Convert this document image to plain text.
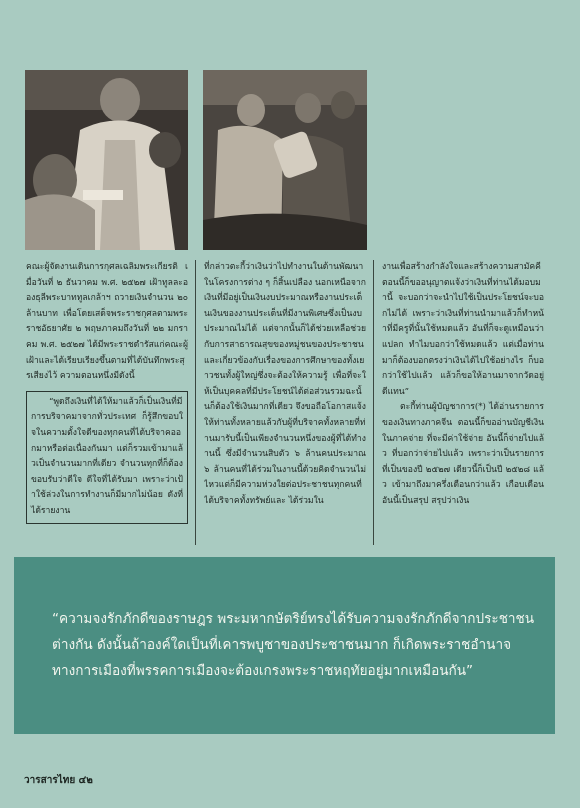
คณะผู้จัดงานเดินการกุศลเฉลิมพระเกียรติ เมื่อวันที่ ๒ ธันวาคม พ.ศ. ๒๕๒๗ เฝ้าทูลละอองธุลีพระบาททูลเกล้าฯ ถวายเงินจำนวน ๒๐ ล้านบาท เพื่อโดยเสด็จพระราชกุศลตามพระราชอัธยาศัย ๒ พฤษภาคมถึงวันที่ ๒๒ มกราคม พ.ศ. ๒๕๒๗ ได้มีพระราชดำรัสแก่คณะผู้เฝ้าและได้เรียบเรียงขึ้นตามที่ได้บันทึกพระสุรเสียงไว้ ความตอนหนึ่งมีดังนี้

“พูดถึงเงินที่ได้ให้มาแล้วก็เป็นเงินที่มีการบริจาคมาจากทั่วประเทศ ก็รู้สึกขอบใจในความตั้งใจดีของทุกคนที่ได้บริจาคออกมาหรือต่อเนื่องกันมา แต่ก็รวมเข้ามาแล้วเป็นจำนวนมากที่เดียว จำนวนทุกที่ก็ต้องขอบรับว่าดีใจ ดีใจที่ได้รับมา เพราะว่าเป้าใช้ล่วงในการทำงานก็มีมากไม่น้อย ดังที่ได้รายงาน

ที่กล่าวตะกี้ว่าเงินว่าไปทำงานในด้านพัฒนาในโครงการต่าง ๆ ก็สิ้นเปลือง นอกเหนือจากเงินที่มีอยู่เป็นเงินงบประมาณหรืองานประเด็นเงินของงานประเด็นที่มีงานพิเศษซึ่งเป็นงบประมาณไม่ได้ แต่จากนั้นก็ได้ช่วยเหลือช่วยกับการสาธารณสุขของหมู่ชนของประชาชนและเกี่ยวข้องกับเรื่องของการศึกษาของทั้งเยาวชนทั้งผู้ใหญ่ซึ่งจะต้องให้ความรู้ เพื่อที่จะให้เป็นบุคคลที่มีประโยชน์ได้ต่อส่วนรวมฉะนั้นก็ต้องใช้เงินมากที่เดียว จึงขอถือโอกาสแจ้งให้ท่านทั้งหลายแล้วกับผู้ที่บริจาคทั้งหลายที่ท่านมารับนี้เป็นเพียงจำนวนหนึ่งของผู้ที่ได้ทำงานนี้ ซึ่งมีจำนวนสิบตัว ๖ ล้านคนประมาณ ๖ ล้านคนที่ได้ร่วมในงานนี้ด้วยคิดจำนวนไม่ไหวแต่ก็มีความห่วงใยต่อประชาชนทุกคนที่ได้บริจาคทั้งทรัพย์และ ได้ร่วมใน

งานเพื่อสร้างกำลังใจและสร้างความสามัคคีตอนนี้ก็ขออนุญาตแจ้งว่าเงินที่ท่านได้มอบมานี้ จะบอกว่าจะนำไปใช้เป็นประโยชน์จะบอกไม่ได้ เพราะว่าเงินที่ท่านนำมาแล้วก็ทำหน้าที่มีครูที่นั้นใช้หมดแล้ว อันที่ก็จะดูเหมือนว่าแปลก ทำไมบอกว่าใช้หมดแล้ว แต่เมื่อท่านมาก็ต้องบอกตรงว่าเงินได้ไปใช้อย่างไร ก็บอกว่าใช้ไปแล้ว แล้วก็ขอให้อานมาจากวัดอยู่ดีแทน”

ตะกี้ท่านผู้บัญชาการ(*) ได้อ่านรายการของเงินทางภาคจีน ตอนนี้ก็ขออ่านบัญชีเงินในภาคจ่าย ที่จะมีค่าใช้จ่าย อันนี้ก็จ่ายไปแล้ว ที่บอกว่าจ่ายไปแล้ว เพราะว่าเป็นรายการที่เป็นของปี ๒๕๒๗ เดียวนี้ก็เป็นปี ๒๕๒๘ แล้ว เข้ามาถึงมาครึ่งเดือนกว่าแล้ว เกือบเดือน อันนี้เป็นสรุป สรุปว่าเงิน

“ความจงรักภักดีของราษฎร พระมหากษัตริย์ทรงได้รับความจงรักภักดีจากประชาชนต่างกัน ดังนั้นถ้าองค์ใดเป็นที่เคารพบูชาของประชาชนมาก ก็เกิดพระราชอำนาจทางการเมืองที่พรรคการเมืองจะต้องเกรงพระราชหฤทัยอยู่มากเหมือนกัน”
วารสารไทย ๔๒
